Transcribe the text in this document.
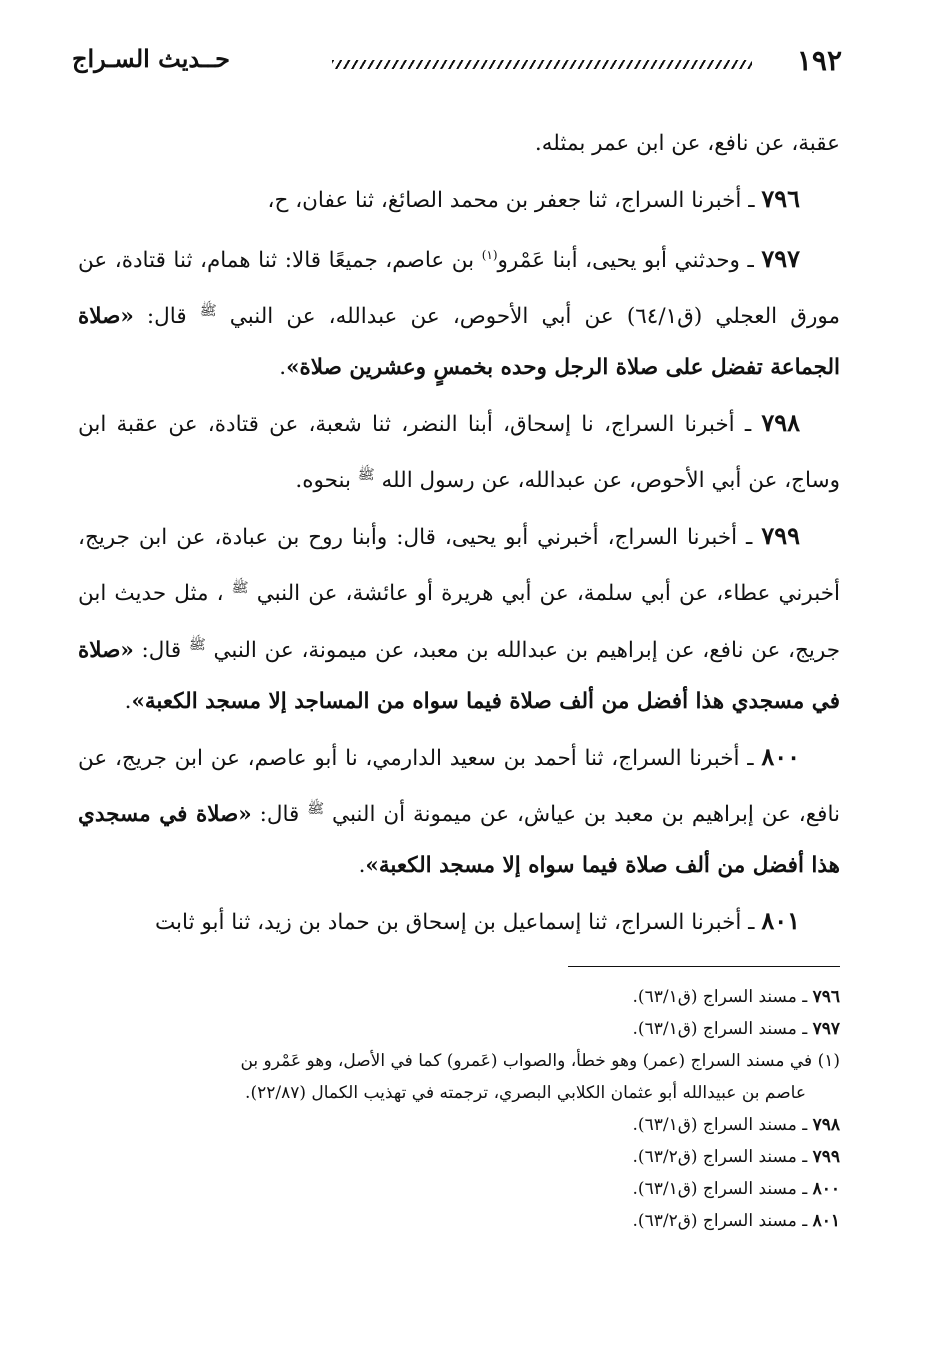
١٩٢
حــديث السـراج

عقبة، عن نافع، عن ابن عمر بمثله.

٧٩٦ ـ أخبرنا السراج، ثنا جعفر بن محمد الصائغ، ثنا عفان، ح،

٧٩٧ ـ وحدثني أبو يحيى، أبنا عَمْرو$^{(١)}$ بن عاصم، جميعًا قالا: ثنا همام، ثنا قتادة، عن مورق العجلي (ق٦٤/١) عن أبي الأحوص، عن عبدالله، عن النبي $^ﷺ$ قال: «صلاة الجماعة تفضل على صلاة الرجل وحده بخمسٍ وعشرين صلاة».

٧٩٨ ـ أخبرنا السراج، نا إسحاق، أبنا النضر، ثنا شعبة، عن قتادة، عن عقبة ابن وساج، عن أبي الأحوص، عن عبدالله، عن رسول الله $^ﷺ$ بنحوه.

٧٩٩ ـ أخبرنا السراج، أخبرني أبو يحيى، قال: وأبنا روح بن عبادة، عن ابن جريج، أخبرني عطاء، عن أبي سلمة، عن أبي هريرة أو عائشة، عن النبي $^ﷺ$ ، مثل حديث ابن جريج، عن نافع، عن إبراهيم بن عبدالله بن معبد، عن ميمونة، عن النبي $^ﷺ$ قال: «صلاة في مسجدي هذا أفضل من ألف صلاة فيما سواه من المساجد إلا مسجد الكعبة».

٨٠٠ ـ أخبرنا السراج، ثنا أحمد بن سعيد الدارمي، نا أبو عاصم، عن ابن جريج، عن نافع، عن إبراهيم بن معبد بن عياش، عن ميمونة أن النبي $^ﷺ$ قال: «صلاة في مسجدي هذا أفضل من ألف صلاة فيما سواه إلا مسجد الكعبة».

٨٠١ ـ أخبرنا السراج، ثنا إسماعيل بن إسحاق بن حماد بن زيد، ثنا أبو ثابت

٧٩٦ ـ مسند السراج (ق٦٣/١).

٧٩٧ ـ مسند السراج (ق٦٣/١).

(١) في مسند السراج (عمر) وهو خطأ، والصواب (عَمرو) كما في الأصل، وهو عَمْرو بن

عاصم بن عبيدالله أبو عثمان الكلابي البصري، ترجمته في تهذيب الكمال (٢٢/٨٧).

٧٩٨ ـ مسند السراج (ق٦٣/١).

٧٩٩ ـ مسند السراج (ق٦٣/٢).

٨٠٠ ـ مسند السراج (ق٦٣/١).

٨٠١ ـ مسند السراج (ق٦٣/٢).
